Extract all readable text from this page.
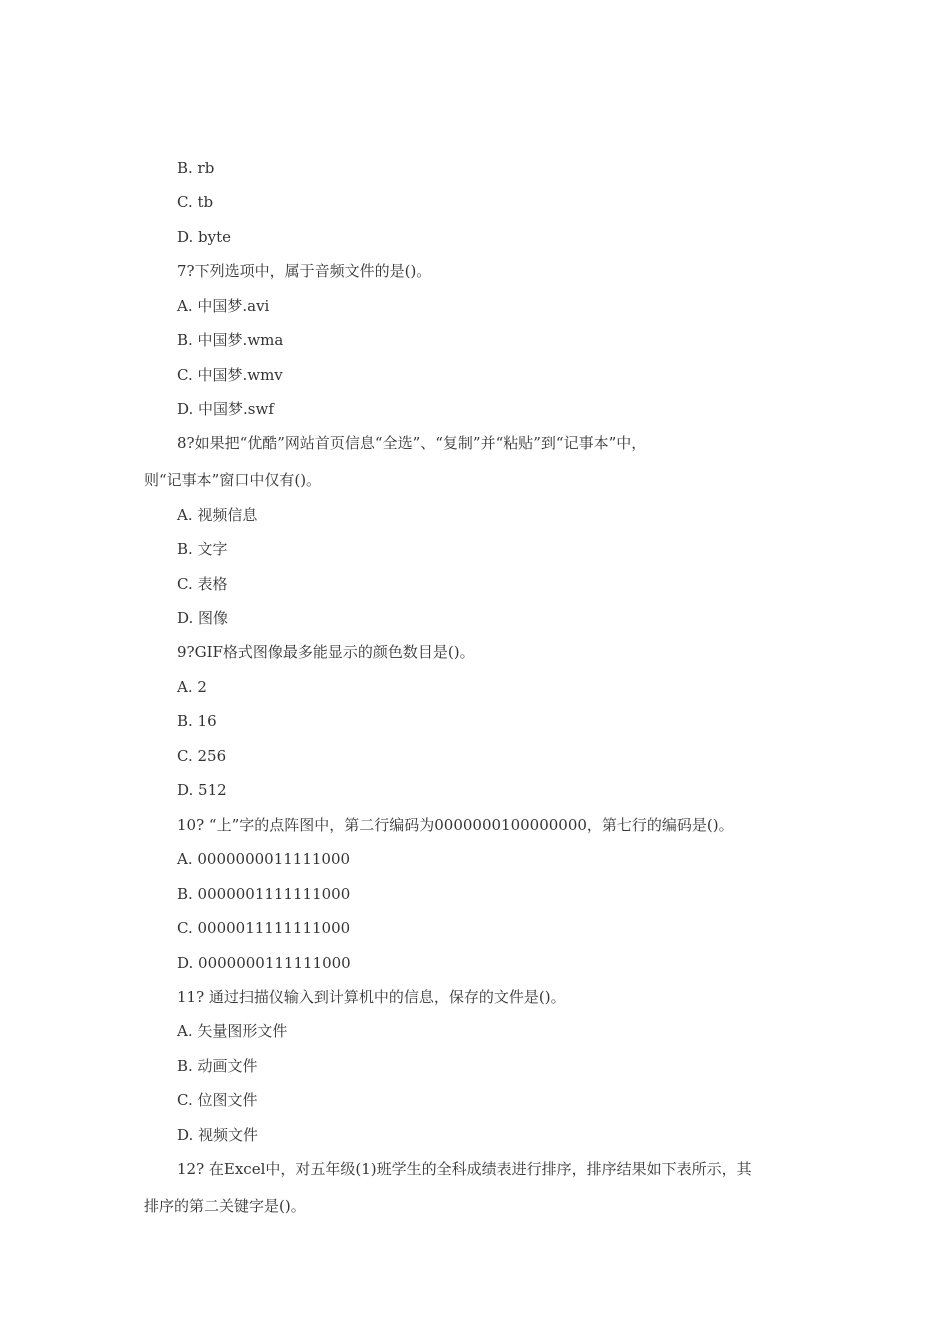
B. rb
C. tb
D. byte
7?下列选项中，属于音频文件的是()。
A. 中国梦.avi
B. 中国梦.wma
C. 中国梦.wmv
D. 中国梦.swf
8?如果把“优酷”网站首页信息“全选”、“复制”并“粘贴”到“记事本”中，
则“记事本”窗口中仅有()。
A. 视频信息
B. 文字
C. 表格
D. 图像
9?GIF格式图像最多能显示的颜色数目是()。
A. 2
B. 16
C. 256
D. 512
10? “上”字的点阵图中，第二行编码为0000000100000000，第七行的编码是()。
A. 0000000011111000
B. 0000001111111000
C. 0000011111111000
D. 0000000111111000
11? 通过扫描仪输入到计算机中的信息，保存的文件是()。
A. 矢量图形文件
B. 动画文件
C. 位图文件
D. 视频文件
12? 在Excel中，对五年级(1)班学生的全科成绩表进行排序，排序结果如下表所示，其
排序的第二关键字是()。
